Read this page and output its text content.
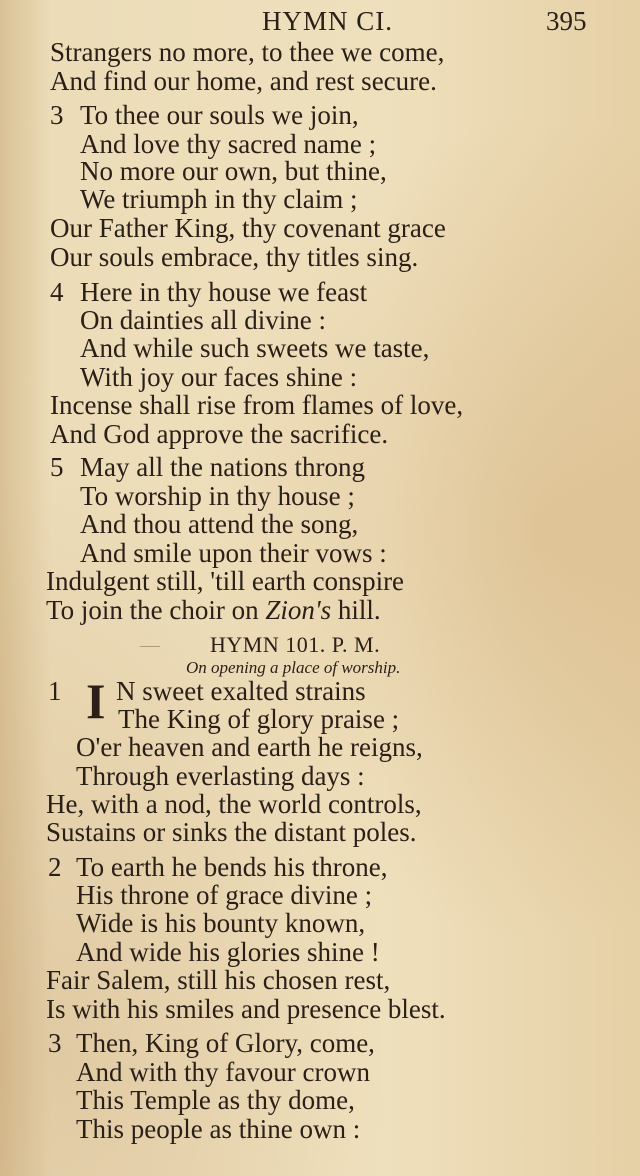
HYMN CI.	395
Strangers no more, to thee we come,
And find our home, and rest secure.
3 To thee our souls we join,
And love thy sacred name ;
No more our own, but thine,
We triumph in thy claim ;
Our Father King, thy covenant grace
Our souls embrace, thy titles sing.
4 Here in thy house we feast
On dainties all divine :
And while such sweets we taste,
With joy our faces shine :
Incense shall rise from flames of love,
And God approve the sacrifice.
5 May all the nations throng
To worship in thy house ;
And thou attend the song,
And smile upon their vows :
Indulgent still, 'till earth conspire
To join the choir on Zion's hill.
HYMN 101. P. M.
On opening a place of worship.
1 I N sweet exalted strains
The King of glory praise ;
O'er heaven and earth he reigns,
Through everlasting days :
He, with a nod, the world controls,
Sustains or sinks the distant poles.
2 To earth he bends his throne,
His throne of grace divine ;
Wide is his bounty known,
And wide his glories shine !
Fair Salem, still his chosen rest,
Is with his smiles and presence blest.
3 Then, King of Glory, come,
And with thy favour crown
This Temple as thy dome,
This people as thine own :
